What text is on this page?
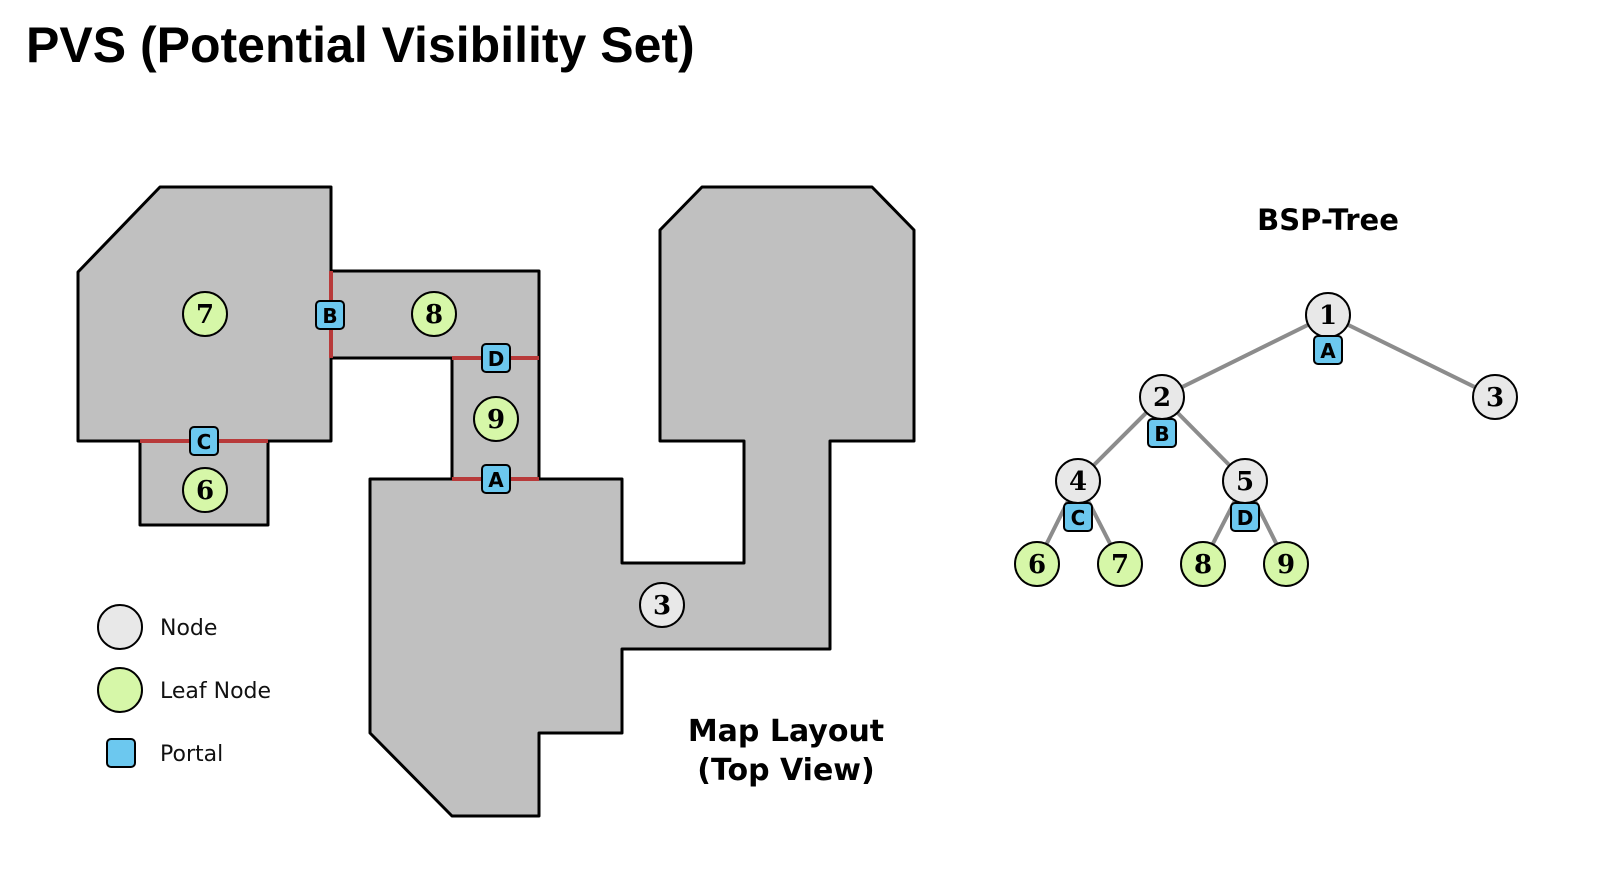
PVS (Potential Visibility Set)
7	8
9
6
3
B
C
D
A
Map Layout
(Top View)
Node
Leaf Node
Portal
BSP-Tree
1
2	3
4	5
6 7 8 9
A
B
C	D
